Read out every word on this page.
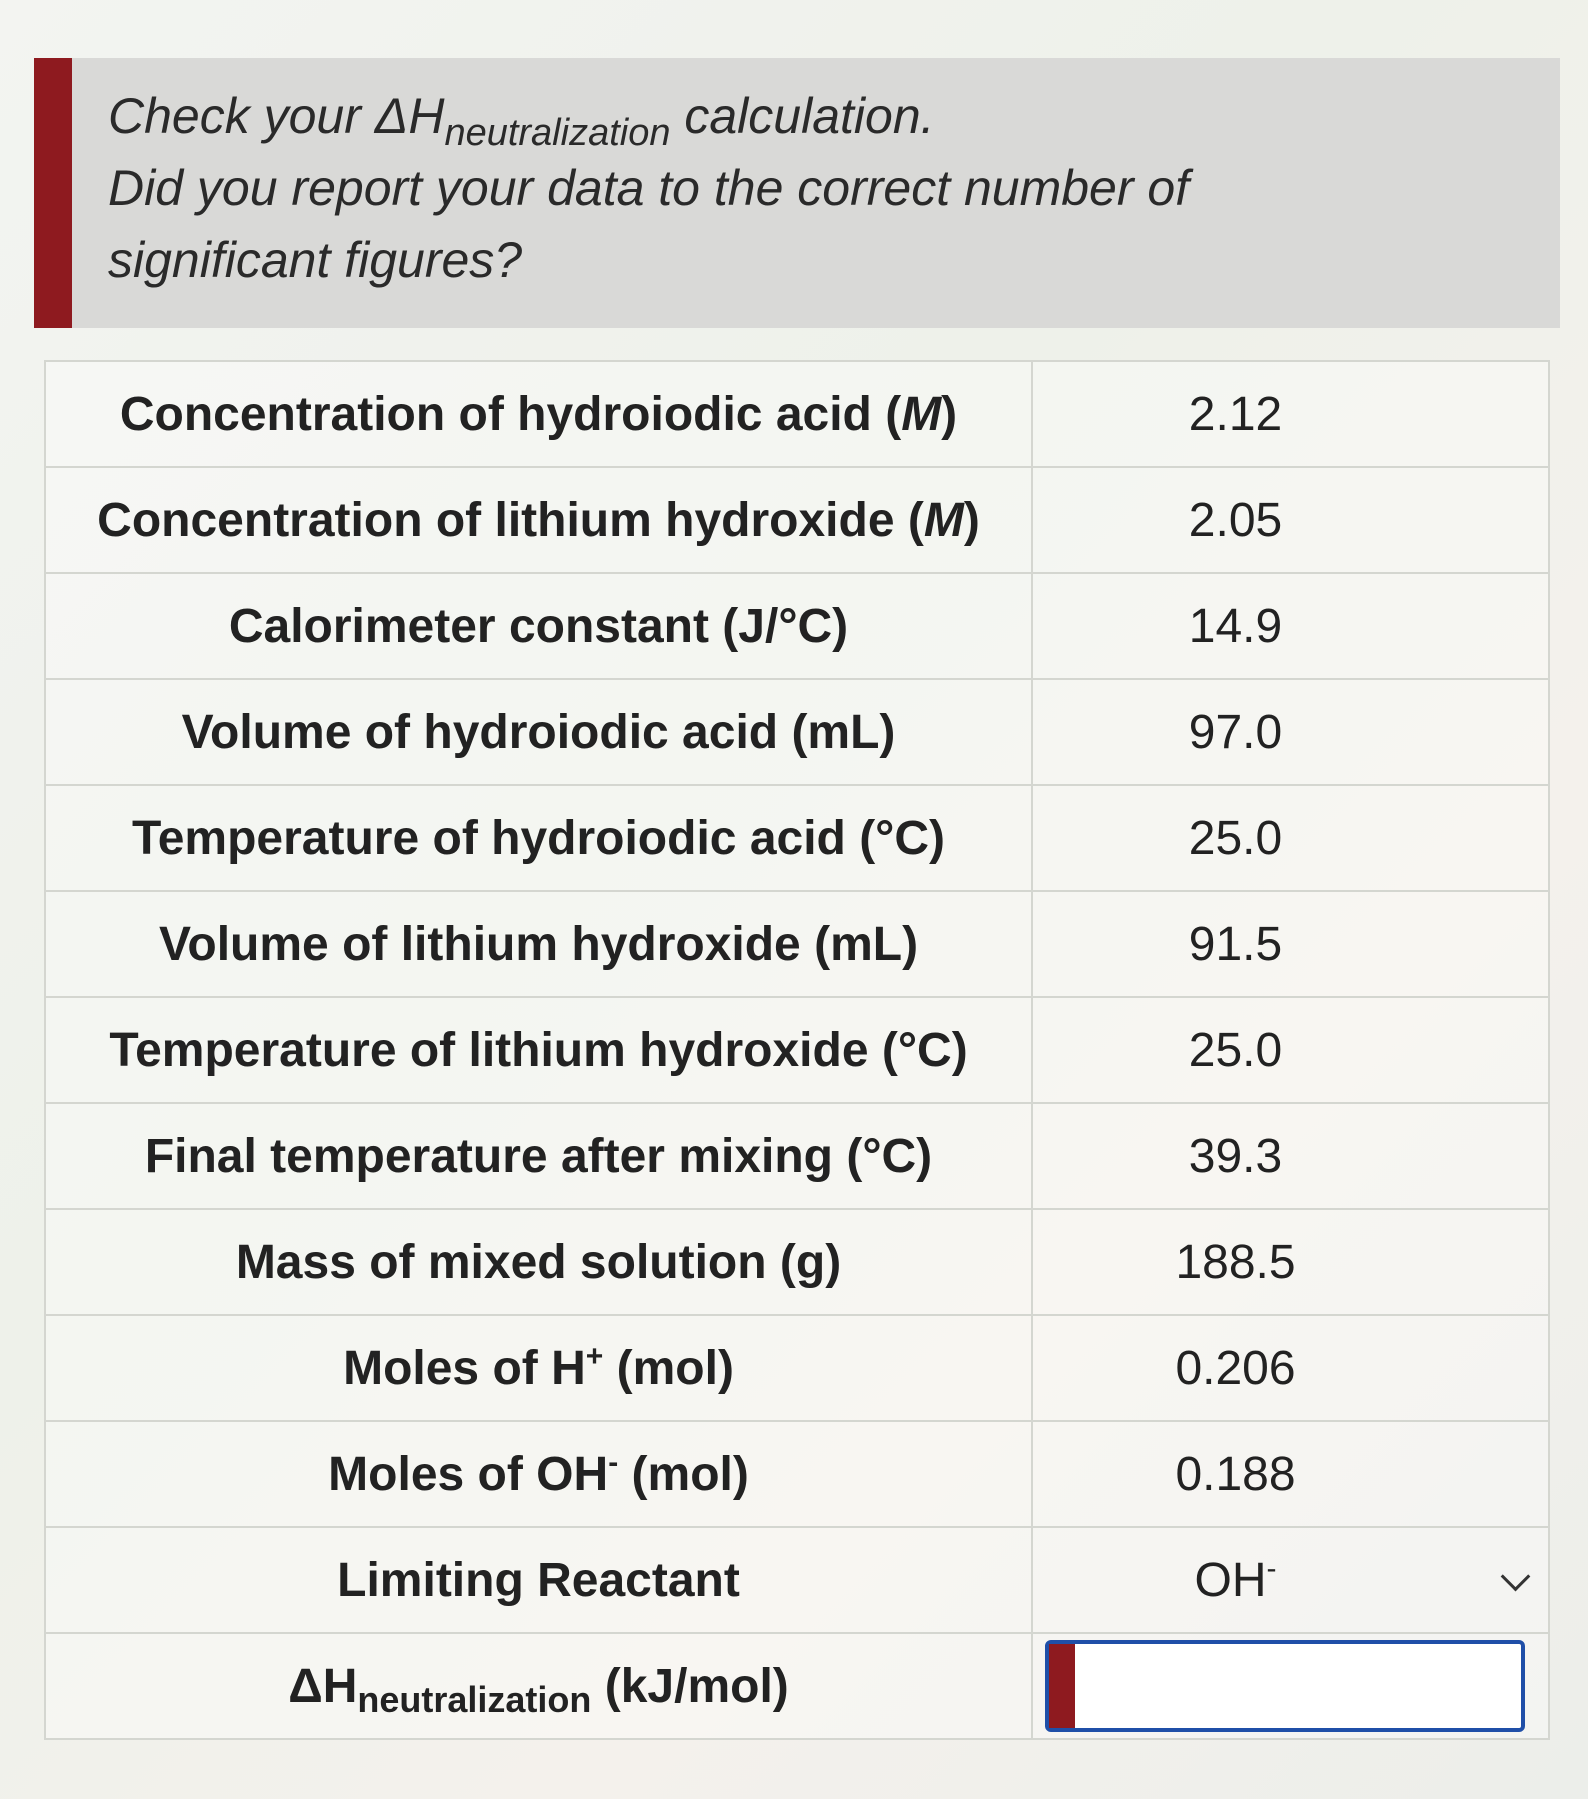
Check your $\Delta H_{neutralization}$ calculation.
Did you report your data to the correct number of
significant figures?
Concentration of hydroiodic acid (M)	2.12
Concentration of lithium hydroxide (M)	2.05
Calorimeter constant (J/°C)	14.9
Volume of hydroiodic acid (mL)	97.0
Temperature of hydroiodic acid (°C)	25.0
Volume of lithium hydroxide (mL)	91.5
Temperature of lithium hydroxide (°C)	25.0
Final temperature after mixing (°C)	39.3
Mass of mixed solution (g)	188.5
Moles of H+ (mol)	0.206
Moles of OH- (mol)	0.188
Limiting Reactant	OH-

$\Delta H_{neutralization}$ (kJ/mol)	
